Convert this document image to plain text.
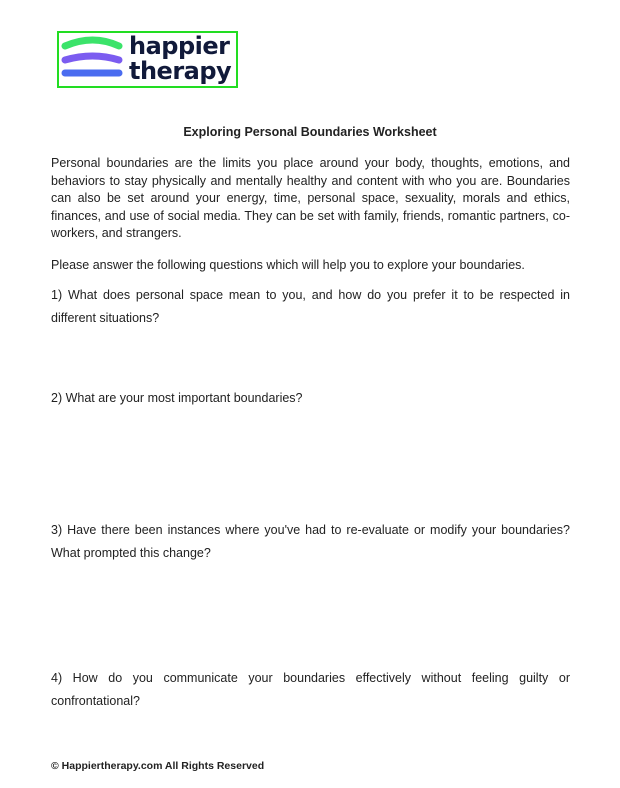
happier
therapy
Exploring Personal Boundaries Worksheet

Personal boundaries are the limits you place around your body, thoughts, emotions, and behaviors to stay physically and mentally healthy and content with who you are. Boundaries can also be set around your energy, time, personal space, sexuality, morals and ethics, finances, and use of social media. They can be set with family, friends, romantic partners, co-workers, and strangers.

Please answer the following questions which will help you to explore your boundaries.

1) What does personal space mean to you, and how do you prefer it to be respected in different situations?

2) What are your most important boundaries?

3) Have there been instances where you've had to re-evaluate or modify your boundaries? What prompted this change?

4) How do you communicate your boundaries effectively without feeling guilty or confrontational?

© Happiertherapy.com All Rights Reserved
